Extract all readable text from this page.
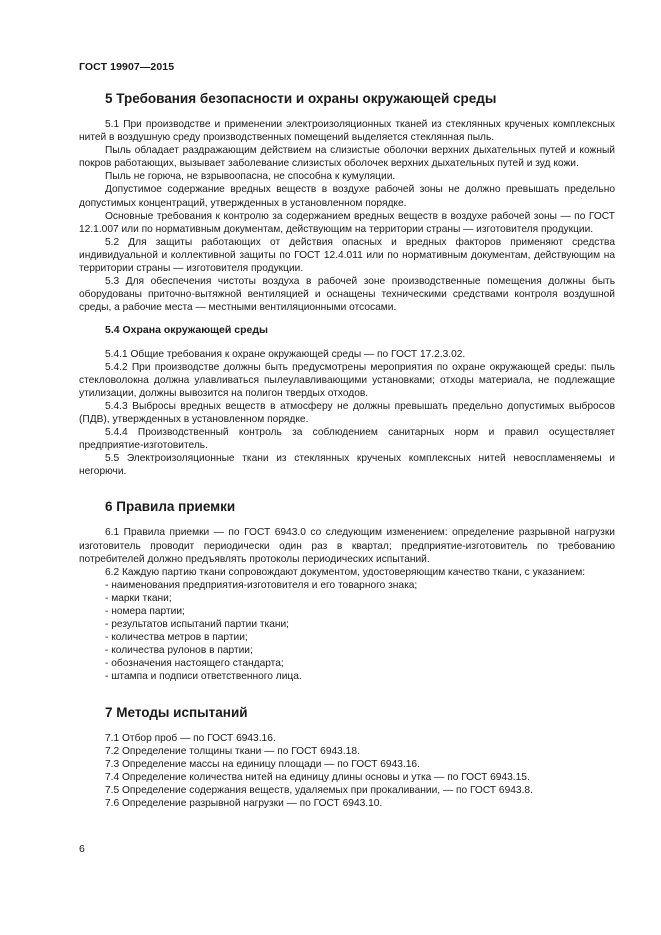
ГОСТ 19907—2015
5 Требования безопасности и охраны окружающей среды

5.1 При производстве и применении электроизоляционных тканей из стеклянных крученых комплексных нитей в воздушную среду производственных помещений выделяется стеклянная пыль.

Пыль обладает раздражающим действием на слизистые оболочки верхних дыхательных путей и кожный покров работающих, вызывает заболевание слизистых оболочек верхних дыхательных путей и зуд кожи.

Пыль не горюча, не взрывоопасна, не способна к кумуляции.

Допустимое содержание вредных веществ в воздухе рабочей зоны не должно превышать предельно допустимых концентраций, утвержденных в установленном порядке.

Основные требования к контролю за содержанием вредных веществ в воздухе рабочей зоны — по ГОСТ 12.1.007 или по нормативным документам, действующим на территории страны — изготовителя продукции.

5.2 Для защиты работающих от действия опасных и вредных факторов применяют средства индивидуальной и коллективной защиты по ГОСТ 12.4.011 или по нормативным документам, действующим на территории страны — изготовителя продукции.

5.3 Для обеспечения чистоты воздуха в рабочей зоне производственные помещения должны быть оборудованы приточно-вытяжной вентиляцией и оснащены техническими средствами контроля воздушной среды, а рабочие места — местными вентиляционными отсосами.

5.4 Охрана окружающей среды

5.4.1 Общие требования к охране окружающей среды — по ГОСТ 17.2.3.02.

5.4.2 При производстве должны быть предусмотрены мероприятия по охране окружающей среды: пыль стекловолокна должна улавливаться пылеулавливающими установками; отходы материала, не подлежащие утилизации, должны вывозится на полигон твердых отходов.

5.4.3 Выбросы вредных веществ в атмосферу не должны превышать предельно допустимых выбросов (ПДВ), утвержденных в установленном порядке.

5.4.4 Производственный контроль за соблюдением санитарных норм и правил осуществляет предприятие-изготовитель.

5.5 Электроизоляционные ткани из стеклянных крученых комплексных нитей невоспламеняемы и негорючи.

6 Правила приемки

6.1 Правила приемки — по ГОСТ 6943.0 со следующим изменением: определение разрывной нагрузки изготовитель проводит периодически один раз в квартал; предприятие-изготовитель по требованию потребителей должно предъявлять протоколы периодических испытаний.

6.2 Каждую партию ткани сопровождают документом, удостоверяющим качество ткани, с указанием:

- наименования предприятия-изготовителя и его товарного знака;

- марки ткани;

- номера партии;

- результатов испытаний партии ткани;

- количества метров в партии;

- количества рулонов в партии;

- обозначения настоящего стандарта;

- штампа и подписи ответственного лица.

7 Методы испытаний

7.1 Отбор проб — по ГОСТ 6943.16.

7.2 Определение толщины ткани — по ГОСТ 6943.18.

7.3 Определение массы на единицу площади — по ГОСТ 6943.16.

7.4 Определение количества нитей на единицу длины основы и утка — по ГОСТ 6943.15.

7.5 Определение содержания веществ, удаляемых при прокаливании, — по ГОСТ 6943.8.

7.6 Определение разрывной нагрузки — по ГОСТ 6943.10.

6
